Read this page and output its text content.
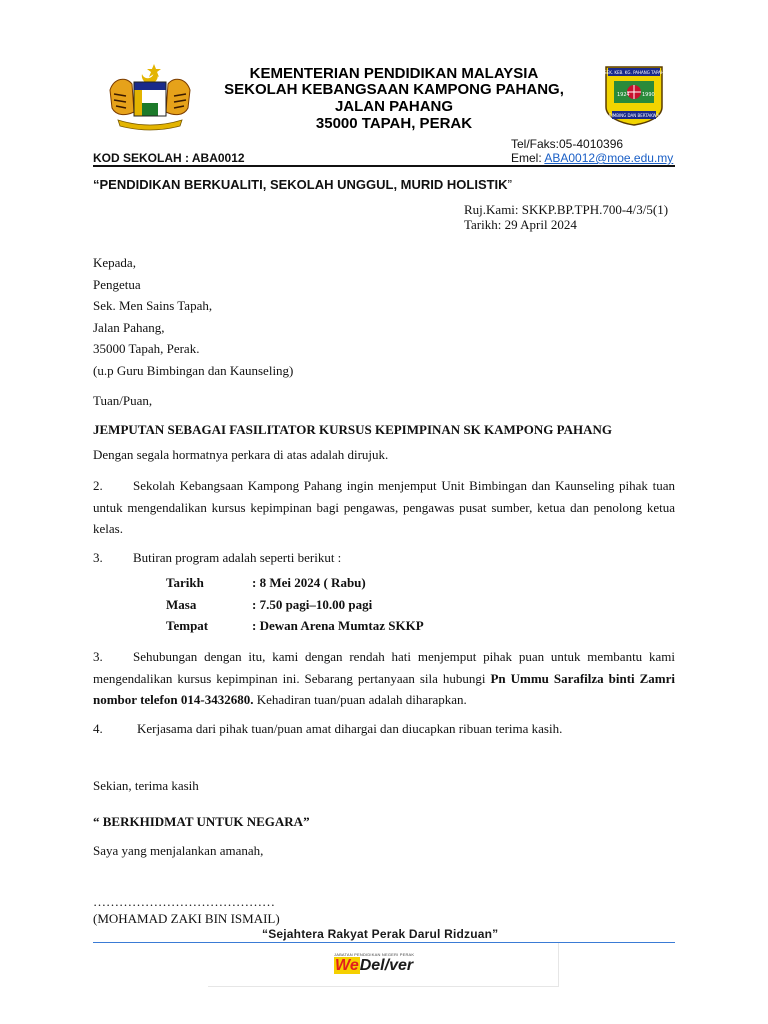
KEMENTERIAN PENDIDIKAN MALAYSIA
SEKOLAH KEBANGSAAN KAMPONG PAHANG,
JALAN PAHANG
35000 TAPAH, PERAK
SEK. KEB. KG. PAHANG TAPAH
1924 1990
BIMBING DAN BERTAKWA
Tel/Faks:05-4010396
Emel: ABA0012@moe.edu.my
KOD SEKOLAH : ABA0012
“PENDIDIKAN BERKUALITI, SEKOLAH UNGGUL, MURID HOLISTIK”
Ruj.Kami: SKKP.BP.TPH.700-4/3/5(1)
Tarikh: 29 April 2024
Kepada,
Pengetua
Sek. Men Sains Tapah,
Jalan Pahang,
35000 Tapah, Perak.
(u.p Guru Bimbingan dan Kaunseling)
Tuan/Puan,
JEMPUTAN SEBAGAI FASILITATOR KURSUS KEPIMPINAN SK KAMPONG PAHANG
Dengan segala hormatnya perkara di atas adalah dirujuk.
2. Sekolah Kebangsaan Kampong Pahang ingin menjemput Unit Bimbingan dan Kaunseling pihak tuan untuk mengendalikan kursus kepimpinan bagi pengawas, pengawas pusat sumber, ketua dan penolong ketua kelas.
3. Butiran program adalah seperti berikut :
Tarikh	: 8 Mei 2024 ( Rabu)
Masa	: 7.50 pagi–10.00 pagi
Tempat	: Dewan Arena Mumtaz SKKP
3. Sehubungan dengan itu, kami dengan rendah hati menjemput pihak puan untuk membantu kami mengendalikan kursus kepimpinan ini. Sebarang pertanyaan sila hubungi Pn Ummu Sarafilza binti Zamri nombor telefon 014-3432680. Kehadiran tuan/puan adalah diharapkan.
4.	Kerjasama dari pihak tuan/puan amat dihargai dan diucapkan ribuan terima kasih.
Sekian, terima kasih
“ BERKHIDMAT UNTUK NEGARA”
Saya yang menjalankan amanah,
……………………………………
(MOHAMAD ZAKI BIN ISMAIL)
“Sejahtera Rakyat Perak Darul Ridzuan”
JABATAN PENDIDIKAN NEGERI PERAK
WeDel/ver
